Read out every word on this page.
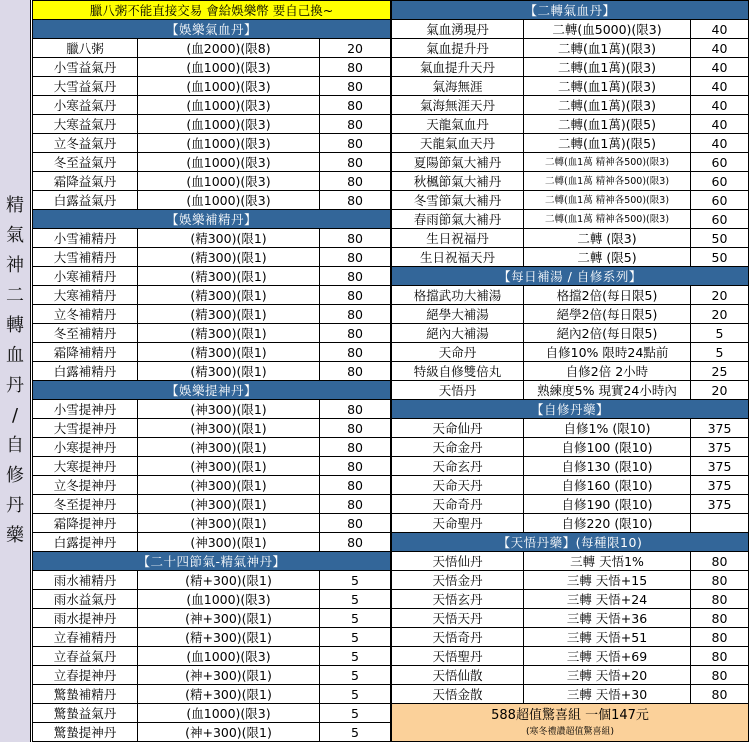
精
氣
神
二
轉
血
丹
/
自
修
丹
藥
臘八粥不能直接交易 會給娛樂幣 要自己換~		
【娛樂氣血丹】		
臘八粥	(血2000)(限8)	20
小雪益氣丹	(血1000)(限3)	80
大雪益氣丹	(血1000)(限3)	80
小寒益氣丹	(血1000)(限3)	80
大寒益氣丹	(血1000)(限3)	80
立冬益氣丹	(血1000)(限3)	80
冬至益氣丹	(血1000)(限3)	80
霜降益氣丹	(血1000)(限3)	80
白露益氣丹	(血1000)(限3)	80
【娛樂補精丹】		
小雪補精丹	(精300)(限1)	80
大雪補精丹	(精300)(限1)	80
小寒補精丹	(精300)(限1)	80
大寒補精丹	(精300)(限1)	80
立冬補精丹	(精300)(限1)	80
冬至補精丹	(精300)(限1)	80
霜降補精丹	(精300)(限1)	80
白露補精丹	(精300)(限1)	80
【娛樂提神丹】		
小雪提神丹	(神300)(限1)	80
大雪提神丹	(神300)(限1)	80
小寒提神丹	(神300)(限1)	80
大寒提神丹	(神300)(限1)	80
立冬提神丹	(神300)(限1)	80
冬至提神丹	(神300)(限1)	80
霜降提神丹	(神300)(限1)	80
白露提神丹	(神300)(限1)	80
【二十四節氣-精氣神丹】		
雨水補精丹	(精+300)(限1)	5
雨水益氣丹	(血1000)(限3)	5
雨水提神丹	(神+300)(限1)	5
立春補精丹	(精+300)(限1)	5
立春益氣丹	(血1000)(限3)	5
立春提神丹	(神+300)(限1)	5
驚蟄補精丹	(精+300)(限1)	5
驚蟄益氣丹	(血1000)(限3)	5
驚蟄提神丹	(神+300)(限1)	5
【二轉氣血丹】		
氣血湧現丹	二轉(血5000)(限3)	40
氣血提升丹	二轉(血1萬)(限3)	40
氣血提升天丹	二轉(血1萬)(限3)	40
氣海無涯	二轉(血1萬)(限3)	40
氣海無涯天丹	二轉(血1萬)(限3)	40
天龍氣血丹	二轉(血1萬)(限5)	40
天龍氣血天丹	二轉(血1萬)(限5)	40
夏陽節氣大補丹	二轉(血1萬 精神各500)(限3)	60
秋楓節氣大補丹	二轉(血1萬 精神各500)(限3)	60
冬雪節氣大補丹	二轉(血1萬 精神各500)(限3)	60
春雨節氣大補丹	二轉(血1萬 精神各500)(限3)	60
生日祝福丹	二轉 (限3)	50
生日祝福天丹	二轉 (限5)	50
【每日補湯 / 自修系列】		
格擋武功大補湯	格擋2倍(每日限5)	20
絕學大補湯	絕學2倍(每日限5)	20
絕內大補湯	絕內2倍(每日限5)	5
天命丹	自修10% 限時24點前	5
特級自修雙倍丸	自修2倍 2小時	25
天悟丹	熟練度5% 現實24小時內	20
【自修丹藥】		
天命仙丹	自修1% (限10)	375
天命金丹	自修100 (限10)	375
天命玄丹	自修130 (限10)	375
天命天丹	自修160 (限10)	375
天命奇丹	自修190 (限10)	375
天命聖丹	自修220 (限10)	
【天悟丹藥】(每種限10)		
天悟仙丹	三轉 天悟1%	80
天悟金丹	三轉 天悟+15	80
天悟玄丹	三轉 天悟+24	80
天悟天丹	三轉 天悟+36	80
天悟奇丹	三轉 天悟+51	80
天悟聖丹	三轉 天悟+69	80
天悟仙散	三轉 天悟+20	80
天悟金散	三轉 天悟+30	80

588超值驚喜組 一個147元
(寒冬禮讚超值驚喜組)		
